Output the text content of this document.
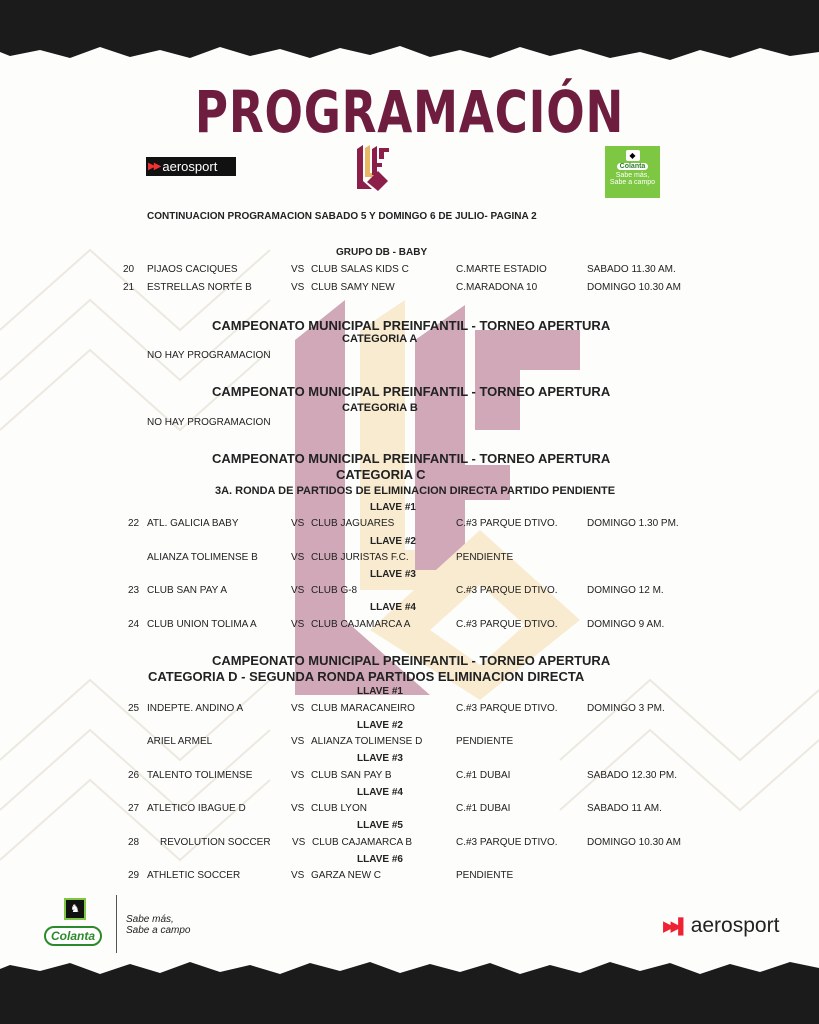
PROGRAMACIÓN
▶▶ aerosport
◆
Colanta
Sabe más,
Sabe a campo
CONTINUACION PROGRAMACION SABADO 5 Y DOMINGO 6 DE JULIO- PAGINA 2
GRUPO DB - BABY
20 PIJAOS CACIQUES	VS CLUB SALAS KIDS C	C.MARTE ESTADIO	SABADO 11.30 AM.
21 ESTRELLAS NORTE B	VS CLUB SAMY NEW	C.MARADONA 10	DOMINGO 10.30 AM
CAMPEONATO MUNICIPAL PREINFANTIL - TORNEO APERTURA
CATEGORIA A
NO HAY PROGRAMACION
CAMPEONATO MUNICIPAL PREINFANTIL - TORNEO APERTURA
CATEGORIA B
NO HAY PROGRAMACION
CAMPEONATO MUNICIPAL PREINFANTIL - TORNEO APERTURA
CATEGORIA C
3A. RONDA DE PARTIDOS DE ELIMINACION DIRECTA PARTIDO PENDIENTE
LLAVE #1
22 ATL. GALICIA BABY	VS CLUB JAGUARES	C.#3 PARQUE DTIVO.	DOMINGO 1.30 PM.
LLAVE #2
ALIANZA TOLIMENSE B	VS CLUB JURISTAS F.C.	PENDIENTE
LLAVE #3
23 CLUB SAN PAY A	VS CLUB G-8	C.#3 PARQUE DTIVO.	DOMINGO 12 M.
LLAVE #4
24 CLUB UNION TOLIMA A	VS CLUB CAJAMARCA A	C.#3 PARQUE DTIVO.	DOMINGO 9 AM.
CAMPEONATO MUNICIPAL PREINFANTIL - TORNEO APERTURA
CATEGORIA D - SEGUNDA RONDA PARTIDOS ELIMINACION DIRECTA
LLAVE #1
25 INDEPTE. ANDINO A	VS CLUB MARACANEIRO	C.#3 PARQUE DTIVO.	DOMINGO 3 PM.
LLAVE #2
ARIEL ARMEL	VS ALIANZA TOLIMENSE D	PENDIENTE
LLAVE #3
26 TALENTO TOLIMENSE	VS CLUB SAN PAY B	C.#1 DUBAI	SABADO 12.30 PM.
LLAVE #4
27 ATLETICO IBAGUE D	VS CLUB LYON	C.#1 DUBAI	SABADO 11 AM.
LLAVE #5
28 REVOLUTION SOCCER VS CLUB CAJAMARCA B	C.#3 PARQUE DTIVO.	DOMINGO 10.30 AM
LLAVE #6
29 ATHLETIC SOCCER	VS GARZA NEW C	PENDIENTE
♞
Colanta
Sabe más,
Sabe a campo	▶▶▌ aerosport
